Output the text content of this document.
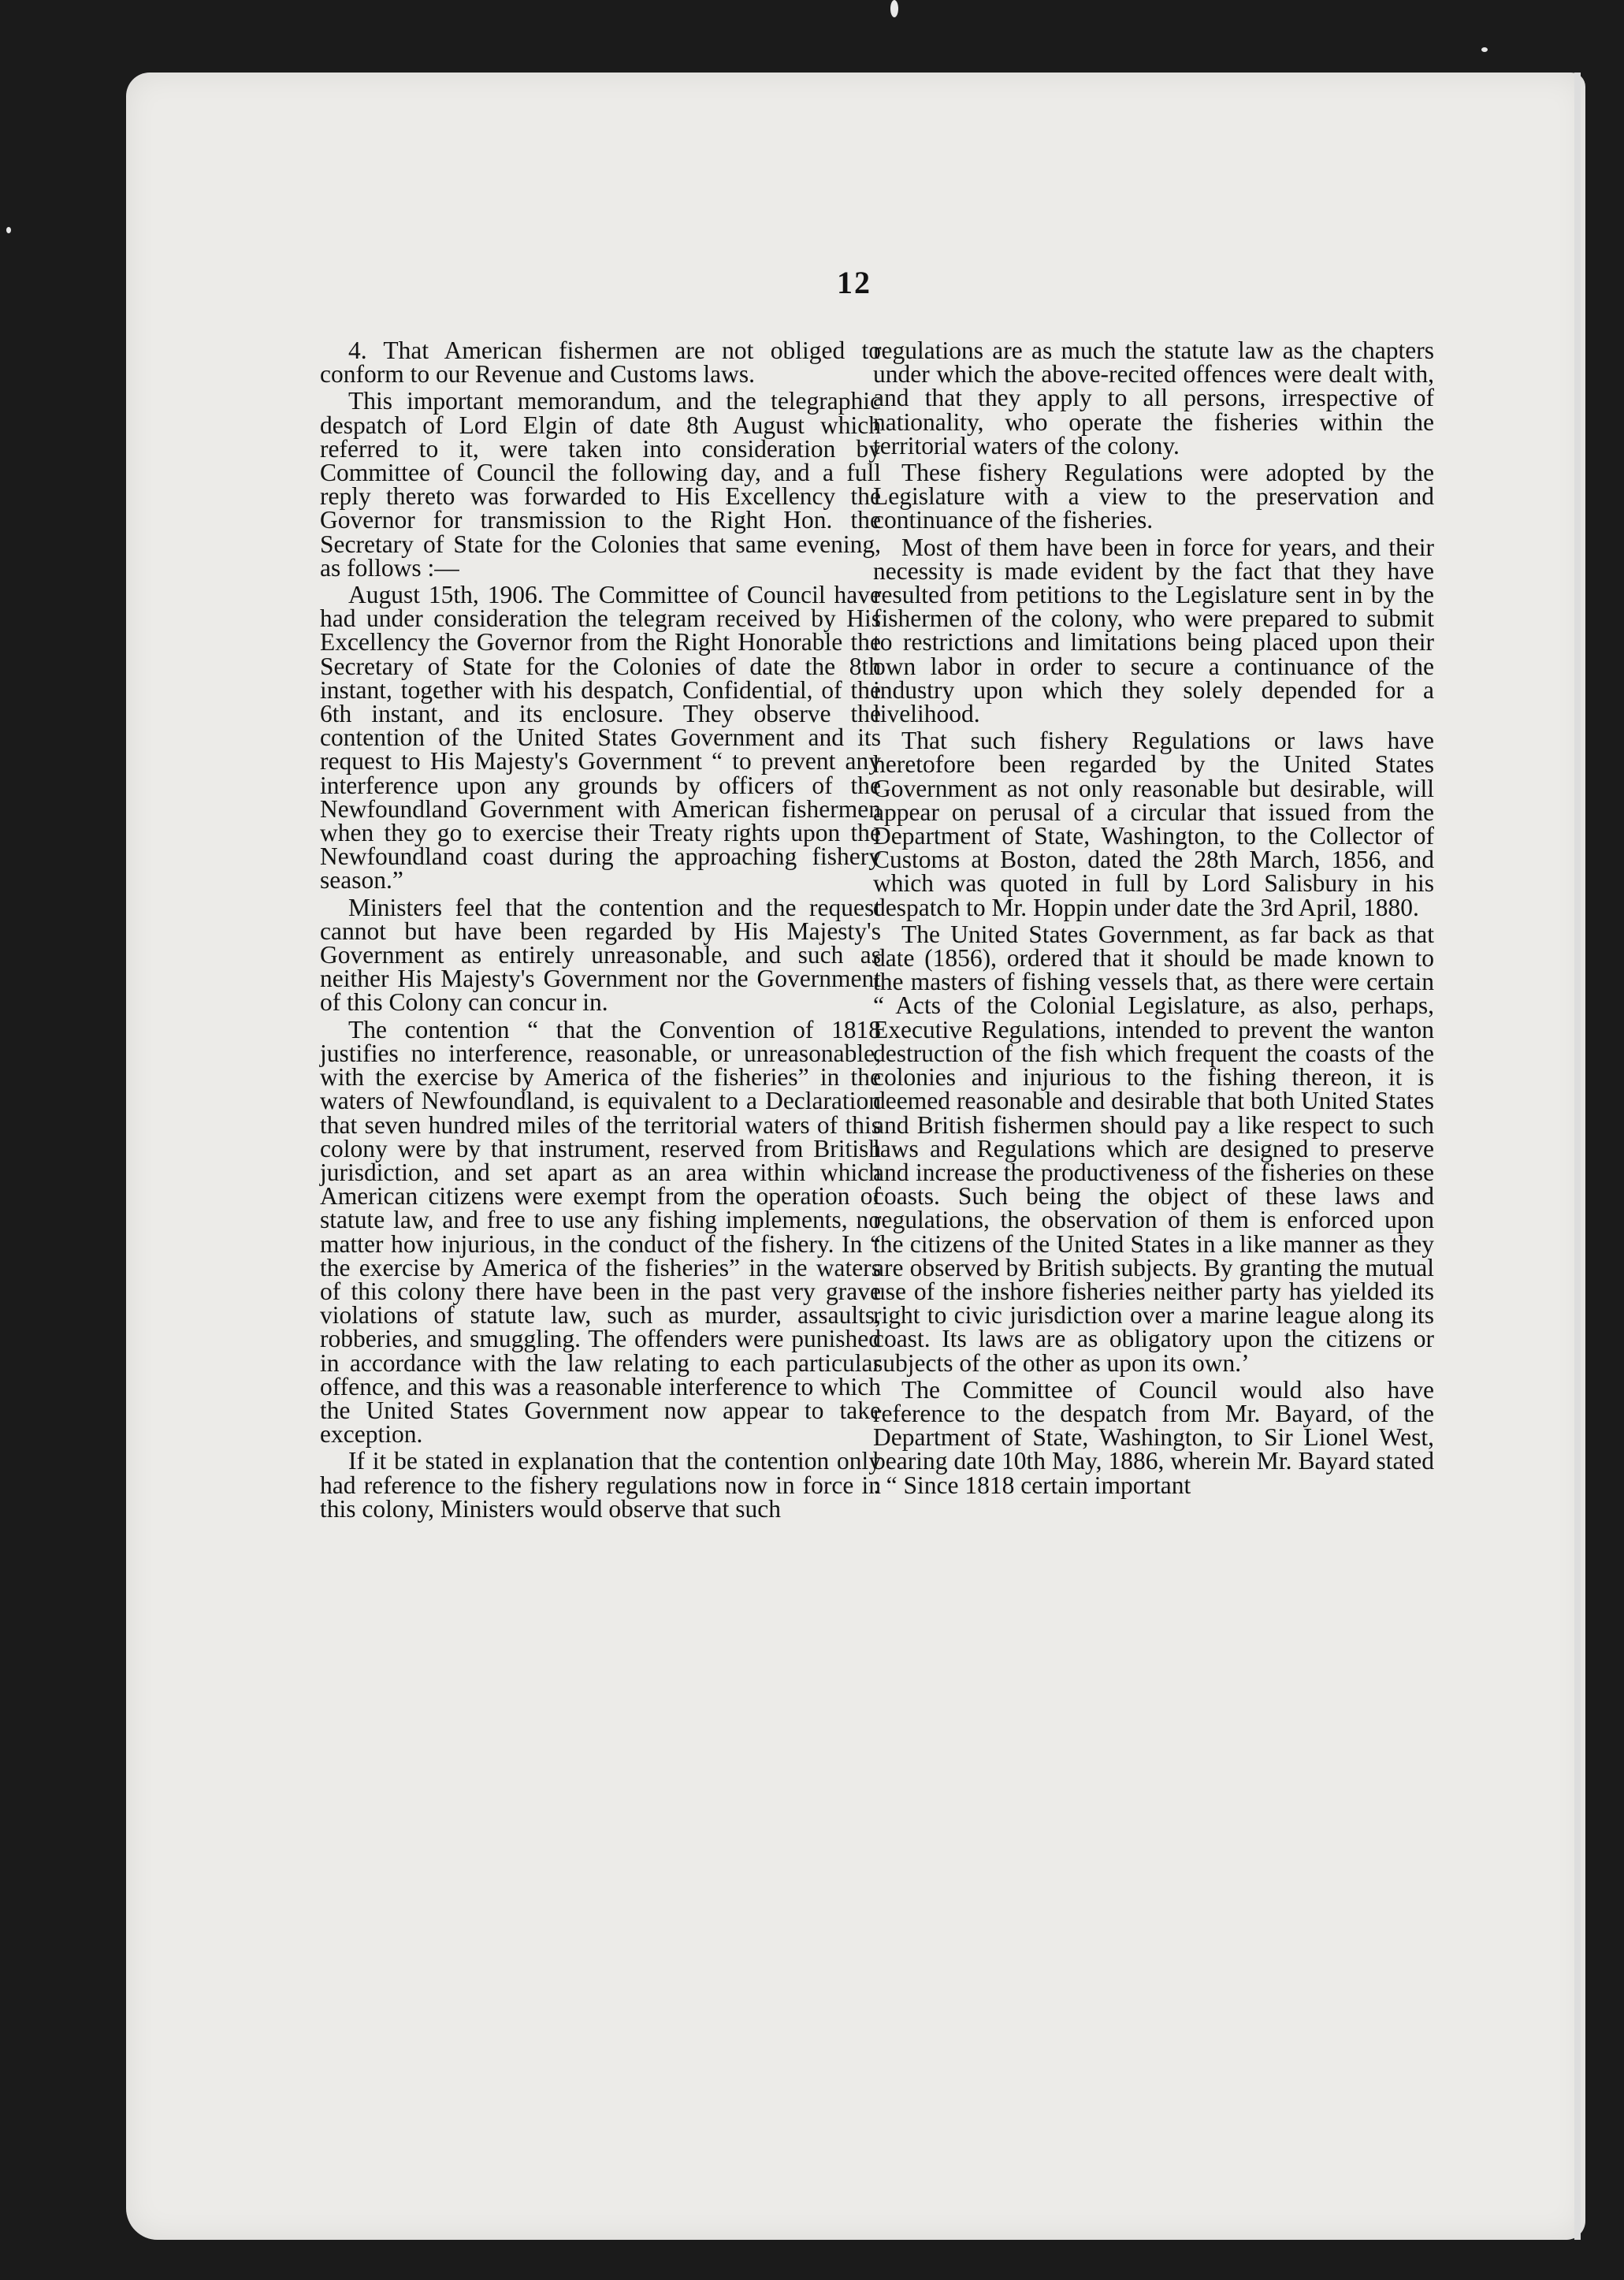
12

4. That American fishermen are not obliged to conform to our Revenue and Customs laws.

This important memorandum, and the telegraphic despatch of Lord Elgin of date 8th August which referred to it, were taken into consideration by Committee of Council the following day, and a full reply thereto was forwarded to His Excellency the Governor for transmission to the Right Hon. the Secretary of State for the Colonies that same evening, as follows :—

August 15th, 1906. The Committee of Council have had under consideration the telegram received by His Excellency the Governor from the Right Honorable the Secretary of State for the Colonies of date the 8th instant, together with his despatch, Confidential, of the 6th instant, and its enclosure. They observe the contention of the United States Government and its request to His Majesty's Government “ to prevent any interference upon any grounds by officers of the Newfoundland Government with American fishermen when they go to exercise their Treaty rights upon the Newfoundland coast during the approaching fishery season.”

Ministers feel that the contention and the request cannot but have been regarded by His Majesty's Government as entirely unreasonable, and such as neither His Majesty's Government nor the Government of this Colony can concur in.

The contention “ that the Convention of 1818 justifies no interference, reasonable, or unreasonable, with the exercise by America of the fisheries” in the waters of Newfoundland, is equivalent to a Declaration that seven hundred miles of the territorial waters of this colony were by that instrument, reserved from British jurisdiction, and set apart as an area within which American citizens were exempt from the operation of statute law, and free to use any fishing implements, no matter how injurious, in the conduct of the fishery. In “ the exercise by America of the fisheries” in the waters of this colony there have been in the past very grave violations of statute law, such as murder, assaults, robberies, and smuggling. The offenders were punished in accordance with the law relating to each particular offence, and this was a reasonable interference to which the United States Government now appear to take exception.

If it be stated in explanation that the contention only had reference to the fishery regulations now in force in this colony, Ministers would observe that such

regulations are as much the statute law as the chapters under which the above-recited offences were dealt with, and that they apply to all persons, irrespective of nationality, who operate the fisheries within the territorial waters of the colony.

These fishery Regulations were adopted by the Legislature with a view to the preservation and continuance of the fisheries.

Most of them have been in force for years, and their necessity is made evident by the fact that they have resulted from petitions to the Legislature sent in by the fishermen of the colony, who were prepared to submit to restrictions and limitations being placed upon their own labor in order to secure a continuance of the industry upon which they solely depended for a livelihood.

That such fishery Regulations or laws have heretofore been regarded by the United States Government as not only reasonable but desirable, will appear on perusal of a circular that issued from the Department of State, Washington, to the Collector of Customs at Boston, dated the 28th March, 1856, and which was quoted in full by Lord Salisbury in his despatch to Mr. Hoppin under date the 3rd April, 1880.

The United States Government, as far back as that date (1856), ordered that it should be made known to the masters of fishing vessels that, as there were certain “ Acts of the Colonial Legislature, as also, perhaps, Executive Regulations, intended to prevent the wanton destruction of the fish which frequent the coasts of the colonies and injurious to the fishing thereon, it is deemed reasonable and desirable that both United States and British fishermen should pay a like respect to such laws and Regulations which are designed to preserve and increase the productiveness of the fisheries on these coasts. Such being the object of these laws and regulations, the observation of them is enforced upon the citizens of the United States in a like manner as they are observed by British subjects. By granting the mutual use of the inshore fisheries neither party has yielded its right to civic jurisdiction over a marine league along its coast. Its laws are as obligatory upon the citizens or subjects of the other as upon its own.’

The Committee of Council would also have reference to the despatch from Mr. Bayard, of the Department of State, Washington, to Sir Lionel West, bearing date 10th May, 1886, wherein Mr. Bayard stated : “ Since 1818 certain important
